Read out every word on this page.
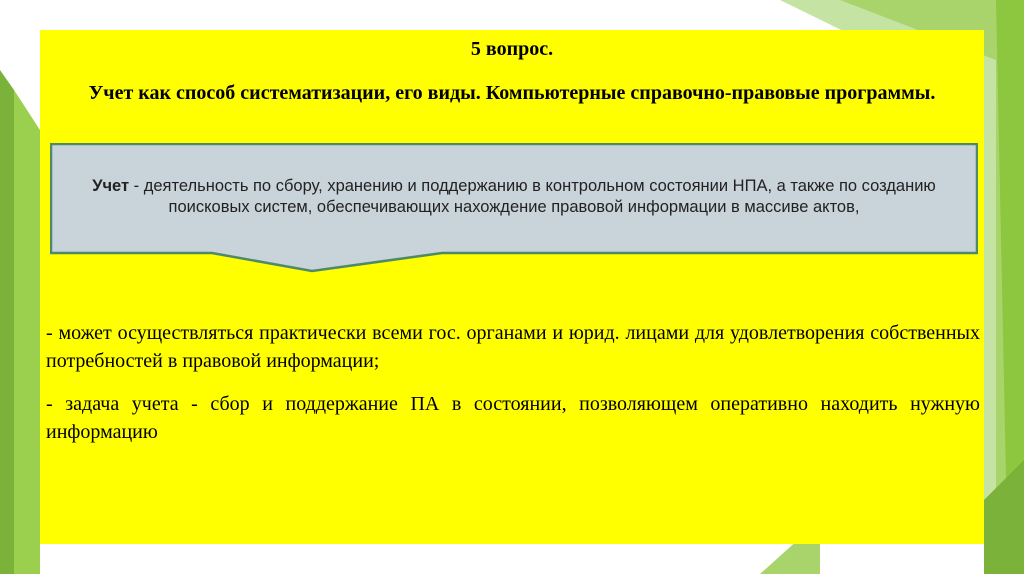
5 вопрос.
Учет как способ систематизации, его виды. Компьютерные справочно-правовые программы.
Учет - деятельность по сбору, хранению и поддержанию в контрольном состоянии НПА, а также по созданию поисковых систем, обеспечивающих нахождение правовой информации в массиве актов,
- может осуществляться практически всеми гос. органами и юрид. лицами для удовлетворения собственных потребностей в правовой информации;
- задача учета - сбор и поддержание ПА в состоянии, позволяющем оперативно находить нужную информацию
